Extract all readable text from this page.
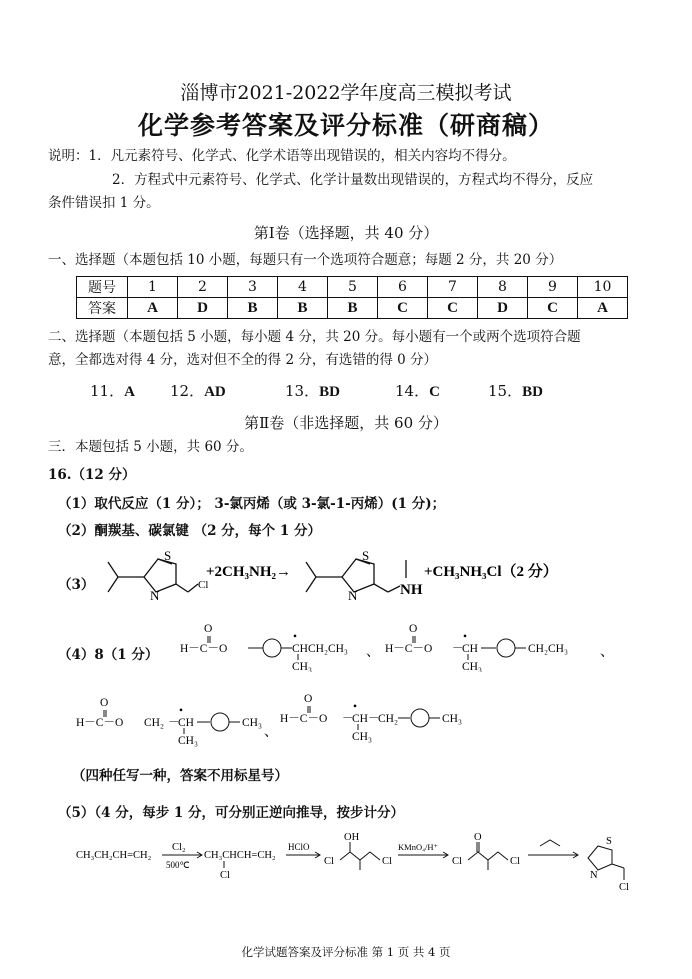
淄博市2021-2022学年度高三模拟考试
化学参考答案及评分标准（研商稿）
说明：1．凡元素符号、化学式、化学术语等出现错误的，相关内容均不得分。
2．方程式中元素符号、化学式、化学计量数出现错误的，方程式均不得分，反应
条件错误扣 1 分。
第Ⅰ卷（选择题，共 40 分）
一、选择题（本题包括 10 小题，每题只有一个选项符合题意；每题 2 分，共 20 分）
题号	1	2	3	4	5	6	7	8	9	10
答案	A	D	B	B	B	C	C	D	C	A
二、选择题（本题包括 5 小题，每小题 4 分，共 20 分。每小题有一个或两个选项符合题
意，全都选对得 4 分，选对但不全的得 2 分，有选错的得 0 分）
11．A 12．AD	13．BD	14．C	15．BD
第Ⅱ卷（非选择题，共 60 分）
三．本题包括 5 小题，共 60 分。
16.（12 分）
（1）取代反应（1 分）； 3-氯丙烯（或 3-氯-1-丙烯）(1 分)；
（2）酮羰基、碳氯键 （2 分，每个 1 分）
（3）
S
N
Cl
+2CH₃NH₂→
S
N	NH
+CH₃NH₃Cl（2 分）
（4）8（1 分） H－C－O
O
•
CHCH₂CH₃
CH₃
、 H－C－O
O
－
•
CH
CH₃
CH₂CH₃ 、
H－C－O
O
CH₂ －
•
CH
CH₃
CH₃
、
H－C－O
O
－
•
CH
CH₃
－
CH₂	CH₃
（四种任写一种，答案不用标星号）
（5）（4 分，每步 1 分，可分别正逆向推导，按步计分）
CH₃CH₂CH=CH₂
Cl₂
500℃
CH₃CHCH=CH₂
Cl
HClO
Cl
OH
Cl
KMnO₄/H⁺
Cl
O
Cl
S
N
Cl
化学试题答案及评分标准 第 1 页 共 4 页
